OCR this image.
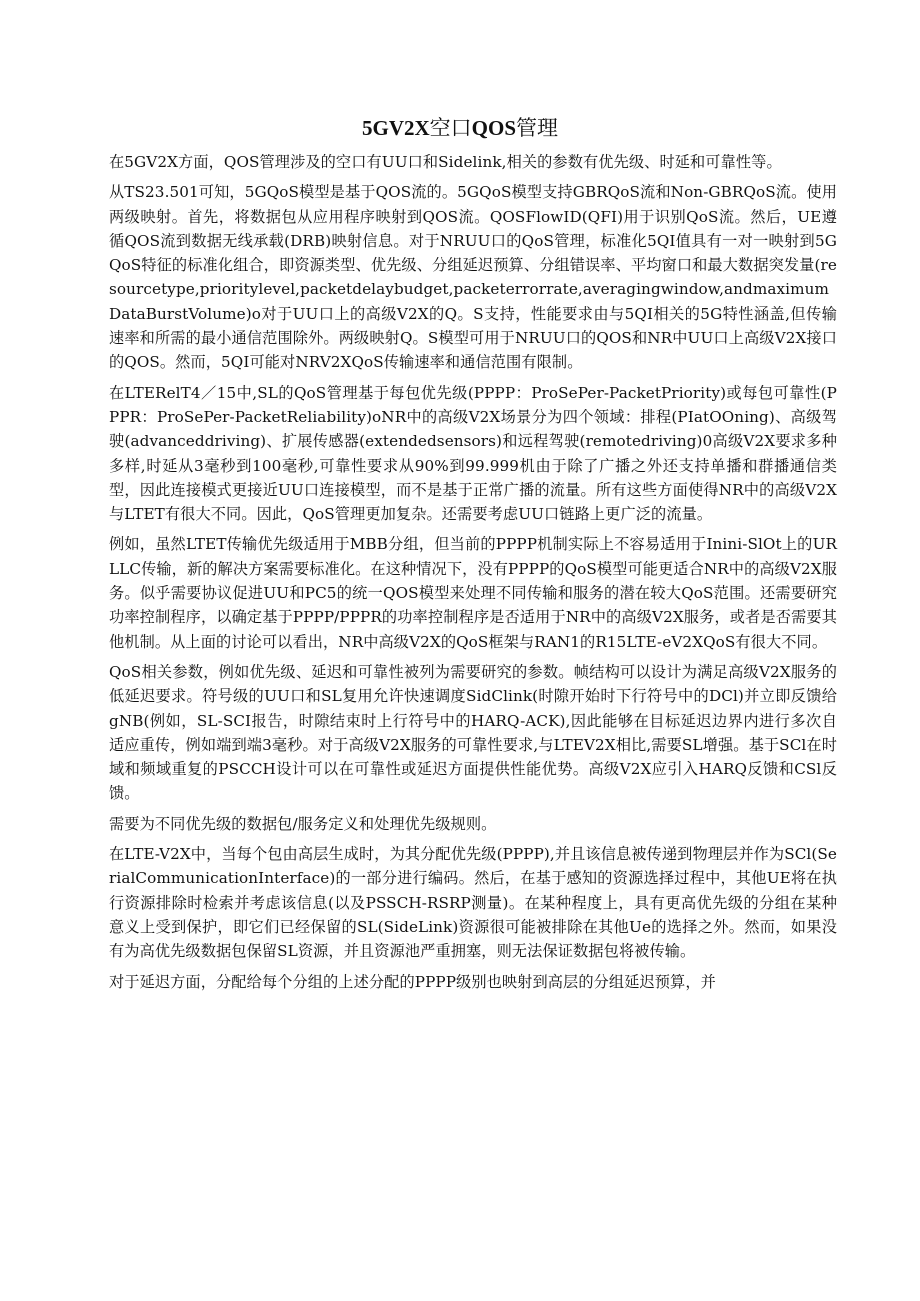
5GV2X空口QOS管理

在5GV2X方面，QOS管理涉及的空口有UU口和Sidelink,相关的参数有优先级、时延和可靠性等。

从TS23.501可知，5GQoS模型是基于QOS流的。5GQoS模型支持GBRQoS流和Non-GBRQoS流。使用两级映射。首先，将数据包从应用程序映射到QOS流。QOSFlowID(QFI)用于识别QoS流。然后，UE遵循QOS流到数据无线承载(DRB)映射信息。对于NRUU口的QoS管理，标准化5QI值具有一对一映射到5GQoS特征的标准化组合，即资源类型、优先级、分组延迟预算、分组错误率、平均窗口和最大数据突发量(resourcetype,prioritylevel,packetdelaybudget,packeterrorrate,averagingwindow,andmaximumDataBurstVolume)o对于UU口上的高级V2X的Q。S支持，性能要求由与5QI相关的5G特性涵盖,但传输速率和所需的最小通信范围除外。两级映射Q。S模型可用于NRUU口的QOS和NR中UU口上高级V2X接口的QOS。然而，5QI可能对NRV2XQoS传输速率和通信范围有限制。

在LTERelT4／15中,SL的QoS管理基于每包优先级(PPPP：ProSePer-PacketPriority)或每包可靠性(PPPR：ProSePer-PacketReliability)oNR中的高级V2X场景分为四个领域：排程(PIatOOning)、高级驾驶(advanceddriving)、扩展传感器(extendedsensors)和远程驾驶(remotedriving)0高级V2X要求多种多样,时延从3毫秒到100毫秒,可靠性要求从90%到99.999机由于除了广播之外还支持单播和群播通信类型，因此连接模式更接近UU口连接模型，而不是基于正常广播的流量。所有这些方面使得NR中的高级V2X与LTET有很大不同。因此，QoS管理更加复杂。还需要考虑UU口链路上更广泛的流量。

例如，虽然LTET传输优先级适用于MBB分组，但当前的PPPP机制实际上不容易适用于Inini-SlOt上的URLLC传输，新的解决方案需要标准化。在这种情况下，没有PPPP的QoS模型可能更适合NR中的高级V2X服务。似乎需要协议促进UU和PC5的统一QOS模型来处理不同传输和服务的潜在较大QoS范围。还需要研究功率控制程序，以确定基于PPPP/PPPR的功率控制程序是否适用于NR中的高级V2X服务，或者是否需要其他机制。从上面的讨论可以看出，NR中高级V2X的QoS框架与RAN1的R15LTE-eV2XQoS有很大不同。

QoS相关参数，例如优先级、延迟和可靠性被列为需要研究的参数。帧结构可以设计为满足高级V2X服务的低延迟要求。符号级的UU口和SL复用允许快速调度SidClink(时隙开始时下行符号中的DCl)并立即反馈给gNB(例如，SL-SCI报告，时隙结束时上行符号中的HARQ-ACK),因此能够在目标延迟边界内进行多次自适应重传，例如端到端3毫秒。对于高级V2X服务的可靠性要求,与LTEV2X相比,需要SL增强。基于SCl在时域和频域重复的PSCCH设计可以在可靠性或延迟方面提供性能优势。高级V2X应引入HARQ反馈和CSl反馈。

需要为不同优先级的数据包/服务定义和处理优先级规则。

在LTE-V2X中，当每个包由高层生成时，为其分配优先级(PPPP),并且该信息被传递到物理层并作为SCl(SerialCommunicationInterface)的一部分进行编码。然后，在基于感知的资源选择过程中，其他UE将在执行资源排除时检索并考虑该信息(以及PSSCH-RSRP测量)。在某种程度上，具有更高优先级的分组在某种意义上受到保护，即它们已经保留的SL(SideLink)资源很可能被排除在其他Ue的选择之外。然而，如果没有为高优先级数据包保留SL资源，并且资源池严重拥塞，则无法保证数据包将被传输。

对于延迟方面，分配给每个分组的上述分配的PPPP级别也映射到高层的分组延迟预算，并
